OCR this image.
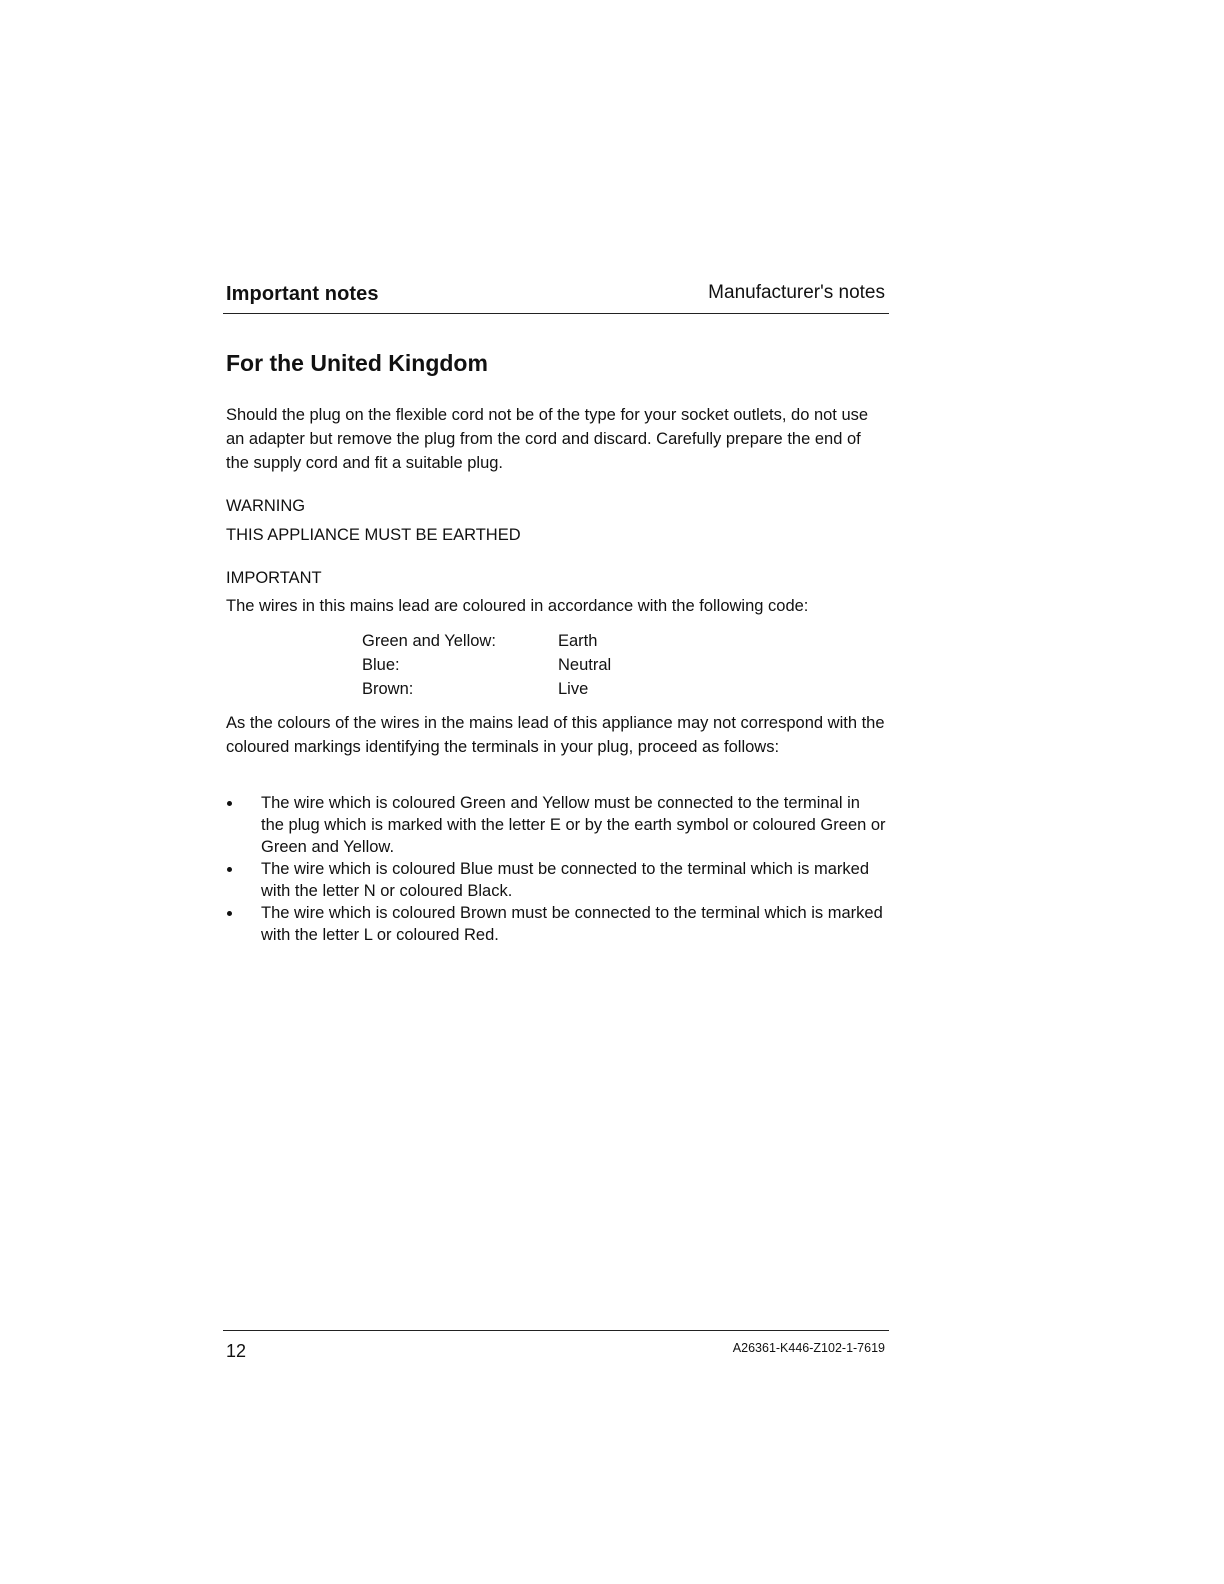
Important notes	Manufacturer's notes
For the United Kingdom

Should the plug on the flexible cord not be of the type for your socket outlets, do not use an adapter but remove the plug from the cord and discard. Carefully prepare the end of the supply cord and fit a suitable plug.

WARNING

THIS APPLIANCE MUST BE EARTHED

IMPORTANT

The wires in this mains lead are coloured in accordance with the following code:

Green and Yellow:	Earth
Blue:	Neutral
Brown:	Live

As the colours of the wires in the mains lead of this appliance may not correspond with the coloured markings identifying the terminals in your plug, proceed as follows:

The wire which is coloured Green and Yellow must be connected to the terminal in the plug which is marked with the letter E or by the earth symbol or coloured Green or Green and Yellow.
The wire which is coloured Blue must be connected to the terminal which is marked with the letter N or coloured Black.
The wire which is coloured Brown must be connected to the terminal which is marked with the letter L or coloured Red.
12	A26361-K446-Z102-1-7619
